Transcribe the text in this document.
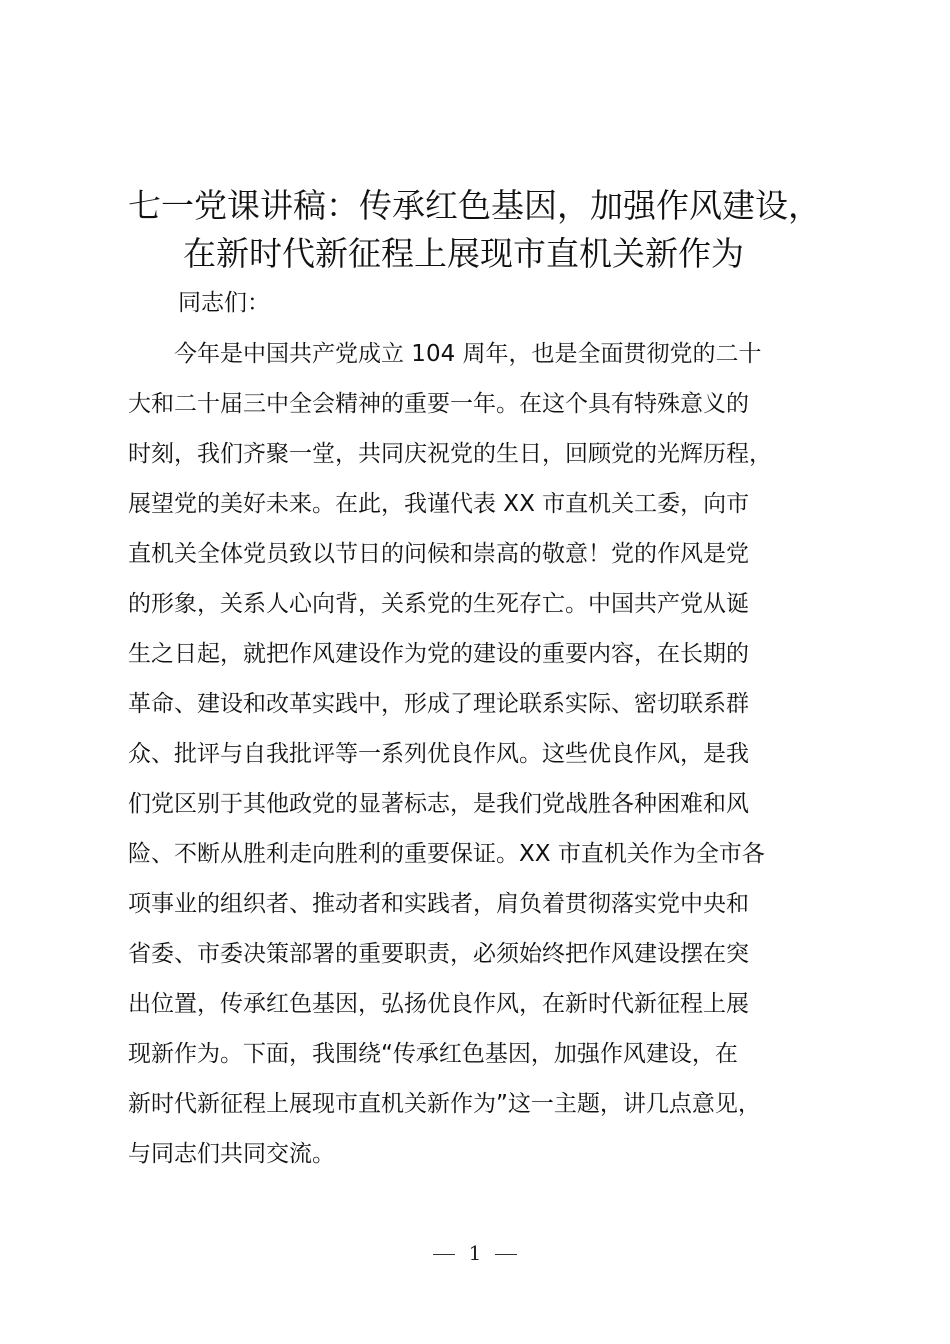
七一党课讲稿：传承红色基因，加强作风建设，
在新时代新征程上展现市直机关新作为

同志们：

今年是中国共产党成立 104 周年，也是全面贯彻党的二十
大和二十届三中全会精神的重要一年。在这个具有特殊意义的
时刻，我们齐聚一堂，共同庆祝党的生日，回顾党的光辉历程，
展望党的美好未来。在此，我谨代表 XX 市直机关工委，向市
直机关全体党员致以节日的问候和崇高的敬意！党的作风是党
的形象，关系人心向背，关系党的生死存亡。中国共产党从诞
生之日起，就把作风建设作为党的建设的重要内容，在长期的
革命、建设和改革实践中，形成了理论联系实际、密切联系群
众、批评与自我批评等一系列优良作风。这些优良作风，是我
们党区别于其他政党的显著标志，是我们党战胜各种困难和风
险、不断从胜利走向胜利的重要保证。XX 市直机关作为全市各
项事业的组织者、推动者和实践者，肩负着贯彻落实党中央和
省委、市委决策部署的重要职责，必须始终把作风建设摆在突
出位置，传承红色基因，弘扬优良作风，在新时代新征程上展
现新作为。下面，我围绕“传承红色基因，加强作风建设，在
新时代新征程上展现市直机关新作为”这一主题，讲几点意见，
与同志们共同交流。
1
